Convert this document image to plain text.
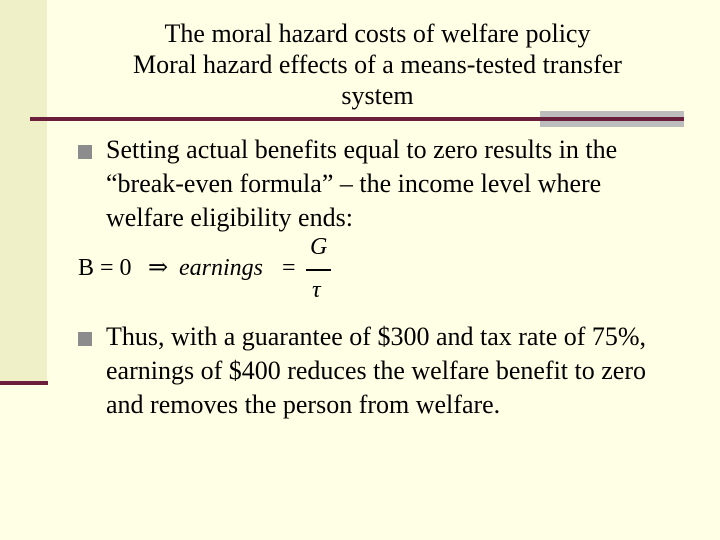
The moral hazard costs of welfare policy
Moral hazard effects of a means-tested transfer system
Setting actual benefits equal to zero results in the “break-even formula” – the income level where welfare eligibility ends:
B = 0 ⇒ earnings =
G
τ
Thus, with a guarantee of $300 and tax rate of 75%, earnings of $400 reduces the welfare benefit to zero and removes the person from welfare.
